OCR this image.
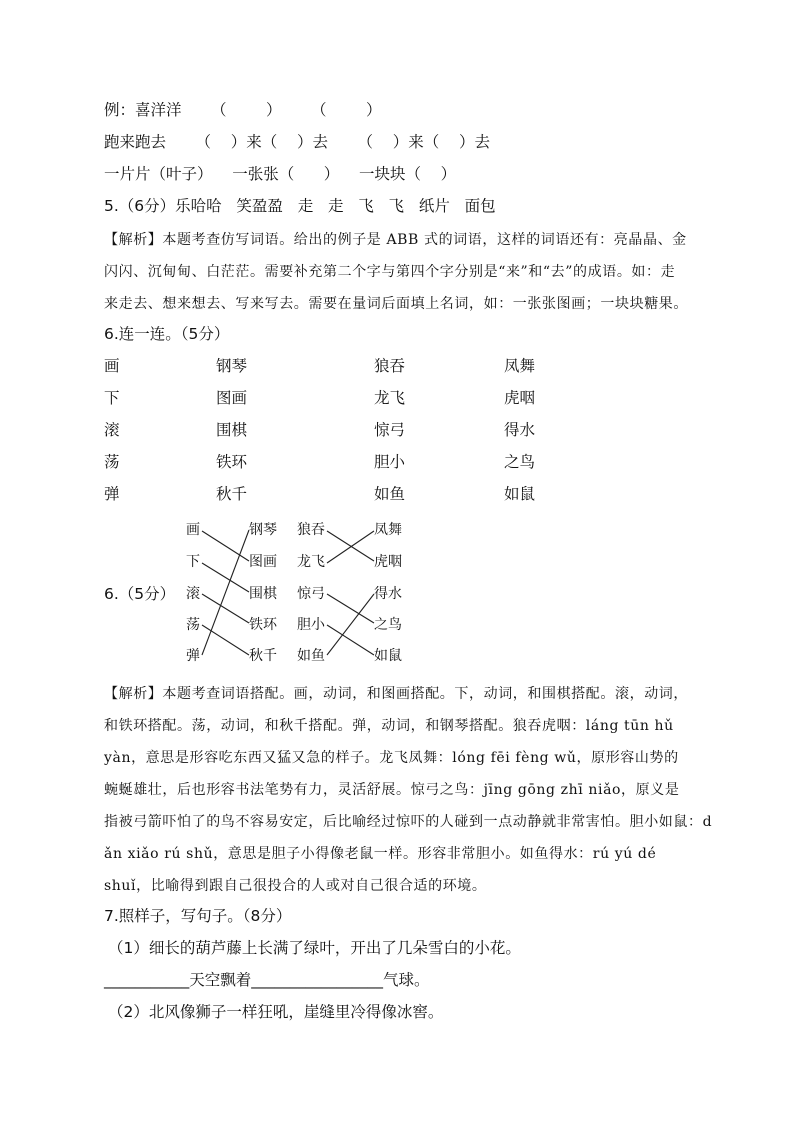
例：喜洋洋      （        ）      （        ）
跑来跑去      （    ）来（    ）去      （    ）来（    ）去
一片片（叶子）    一张张（      ）    一块块（    ）
5.（6分）乐哈哈   笑盈盈   走   走   飞   飞   纸片   面包
【解析】本题考查仿写词语。给出的例子是 ABB 式的词语，这样的词语还有：亮晶晶、金
闪闪、沉甸甸、白茫茫。需要补充第二个字与第四个字分别是“来”和“去”的成语。如：走
来走去、想来想去、写来写去。需要在量词后面填上名词，如：一张张图画；一块块糖果。
6.连一连。（5分）
画
下
滚
荡
弹
钢琴
图画
围棋
铁环
秋千
狼吞
龙飞
惊弓
胆小
如鱼
凤舞
虎咽
得水
之鸟
如鼠
6.（5分）
画
下
滚
荡
弹
钢琴
图画
围棋
铁环
秋千
狼吞
龙飞
惊弓
胆小
如鱼
凤舞
虎咽
得水
之鸟
如鼠
【解析】本题考查词语搭配。画，动词，和图画搭配。下，动词，和围棋搭配。滚，动词，
和铁环搭配。荡，动词，和秋千搭配。弹，动词，和钢琴搭配。狼吞虎咽：láng tūn hǔ
yàn，意思是形容吃东西又猛又急的样子。龙飞凤舞：lóng fēi fèng wǔ，原形容山势的
蜿蜒雄壮，后也形容书法笔势有力，灵活舒展。惊弓之鸟：jīng gōng zhī niǎo，原义是
指被弓箭吓怕了的鸟不容易安定，后比喻经过惊吓的人碰到一点动静就非常害怕。胆小如鼠：d
ǎn xiǎo rú shǔ，意思是胆子小得像老鼠一样。形容非常胆小。如鱼得水：rú yú dé
shuǐ，比喻得到跟自己很投合的人或对自己很合适的环境。
7.照样子，写句子。（8分）
（1）细长的葫芦藤上长满了绿叶，开出了几朵雪白的小花。
___________天空飘着_________________气球。
（2）北风像狮子一样狂吼，崖缝里冷得像冰窖。
